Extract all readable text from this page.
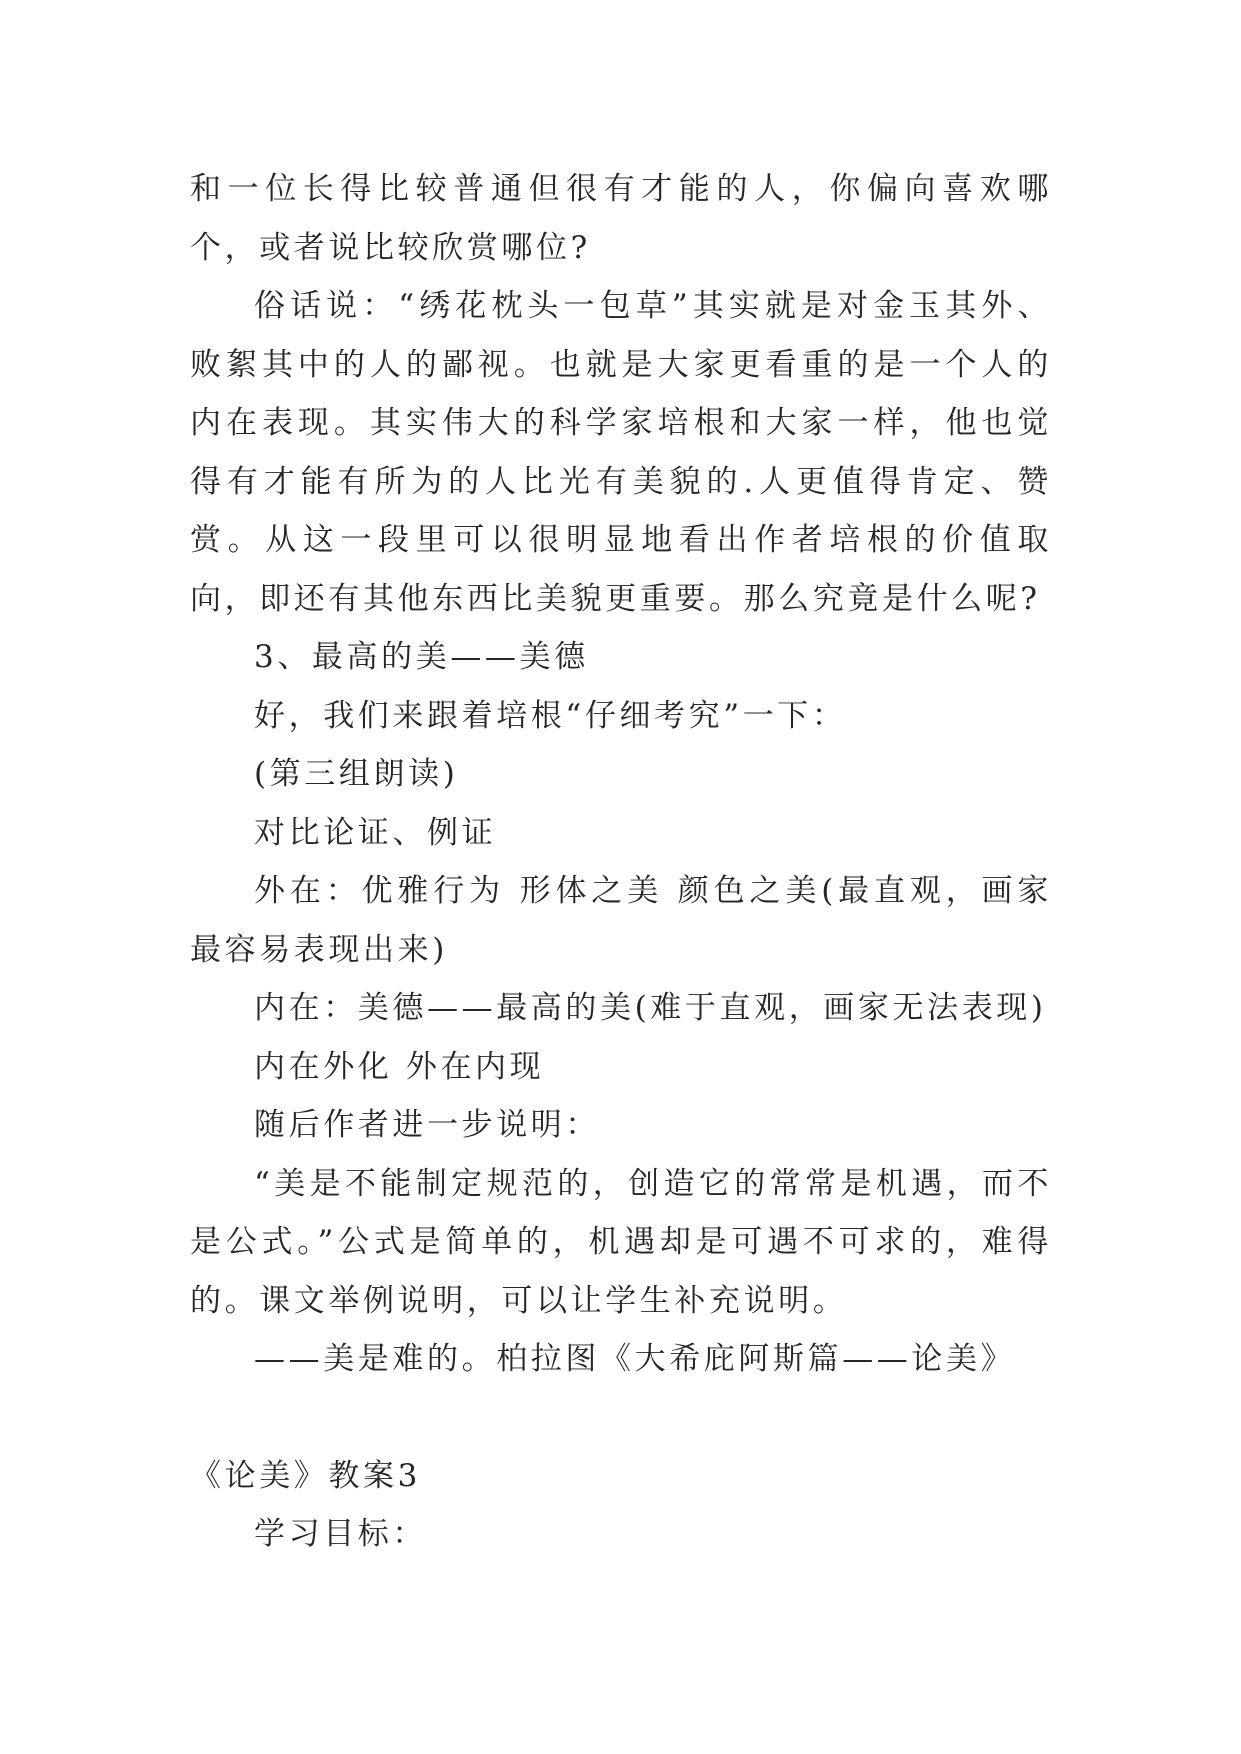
和一位长得比较普通但很有才能的人，你偏向喜欢哪个，或者说比较欣赏哪位?

俗话说：“绣花枕头一包草”其实就是对金玉其外、败絮其中的人的鄙视。也就是大家更看重的是一个人的内在表现。其实伟大的科学家培根和大家一样，他也觉得有才能有所为的人比光有美貌的.人更值得肯定、赞赏。从这一段里可以很明显地看出作者培根的价值取向，即还有其他东西比美貌更重要。那么究竟是什么呢?

3、最高的美——美德

好，我们来跟着培根“仔细考究”一下：

(第三组朗读)

对比论证、例证

外在：优雅行为 形体之美 颜色之美(最直观，画家最容易表现出来)

内在：美德——最高的美(难于直观，画家无法表现)

内在外化 外在内现

随后作者进一步说明：

“美是不能制定规范的，创造它的常常是机遇，而不是公式。”公式是简单的，机遇却是可遇不可求的，难得的。课文举例说明，可以让学生补充说明。

——美是难的。柏拉图《大希庇阿斯篇——论美》

《论美》教案3

学习目标：
